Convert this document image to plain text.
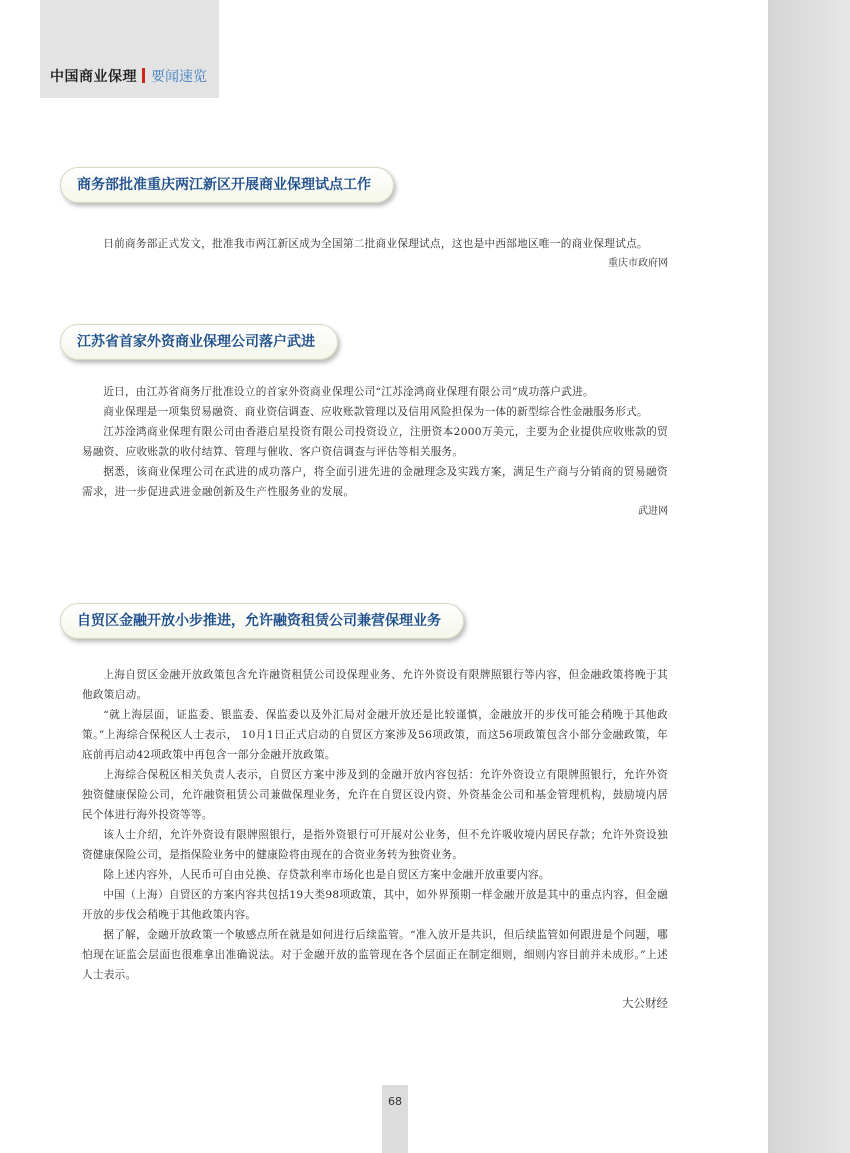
中国商业保理 要闻速览
商务部批准重庆两江新区开展商业保理试点工作

日前商务部正式发文，批准我市两江新区成为全国第二批商业保理试点，这也是中西部地区唯一的商业保理试点。

重庆市政府网
江苏省首家外资商业保理公司落户武进

近日，由江苏省商务厅批准设立的首家外资商业保理公司“江苏淦鸿商业保理有限公司”成功落户武进。

商业保理是一项集贸易融资、商业资信调查、应收账款管理以及信用风险担保为一体的新型综合性金融服务形式。

江苏淦鸿商业保理有限公司由香港启星投资有限公司投资设立，注册资本2000万美元，主要为企业提供应收账款的贸易融资、应收账款的收付结算、管理与催收、客户资信调查与评估等相关服务。

据悉，该商业保理公司在武进的成功落户，将全面引进先进的金融理念及实践方案，满足生产商与分销商的贸易融资需求，进一步促进武进金融创新及生产性服务业的发展。

武进网
自贸区金融开放小步推进，允许融资租赁公司兼营保理业务

上海自贸区金融开放政策包含允许融资租赁公司设保理业务、允许外资设有限牌照银行等内容，但金融政策将晚于其他政策启动。

“就上海层面，证监委、银监委、保监委以及外汇局对金融开放还是比较谨慎，金融放开的步伐可能会稍晚于其他政策。”上海综合保税区人士表示， 10月1日正式启动的自贸区方案涉及56项政策，而这56项政策包含小部分金融政策，年底前再启动42项政策中再包含一部分金融开放政策。

上海综合保税区相关负责人表示，自贸区方案中涉及到的金融开放内容包括：允许外资设立有限牌照银行，允许外资独资健康保险公司，允许融资租赁公司兼做保理业务，允许在自贸区设内资、外资基金公司和基金管理机构，鼓励境内居民个体进行海外投资等等。

该人士介绍，允许外资设有限牌照银行，是指外资银行可开展对公业务，但不允许吸收境内居民存款；允许外资设独资健康保险公司，是指保险业务中的健康险将由现在的合资业务转为独资业务。

除上述内容外，人民币可自由兑换、存贷款利率市场化也是自贸区方案中金融开放重要内容。

中国（上海）自贸区的方案内容共包括19大类98项政策，其中，如外界预期一样金融开放是其中的重点内容，但金融开放的步伐会稍晚于其他政策内容。

据了解，金融开放政策一个敏感点所在就是如何进行后续监管。“准入放开是共识，但后续监管如何跟进是个问题，哪怕现在证监会层面也很难拿出准确说法。对于金融开放的监管现在各个层面正在制定细则，细则内容目前并未成形。”上述人士表示。

大公财经
68
